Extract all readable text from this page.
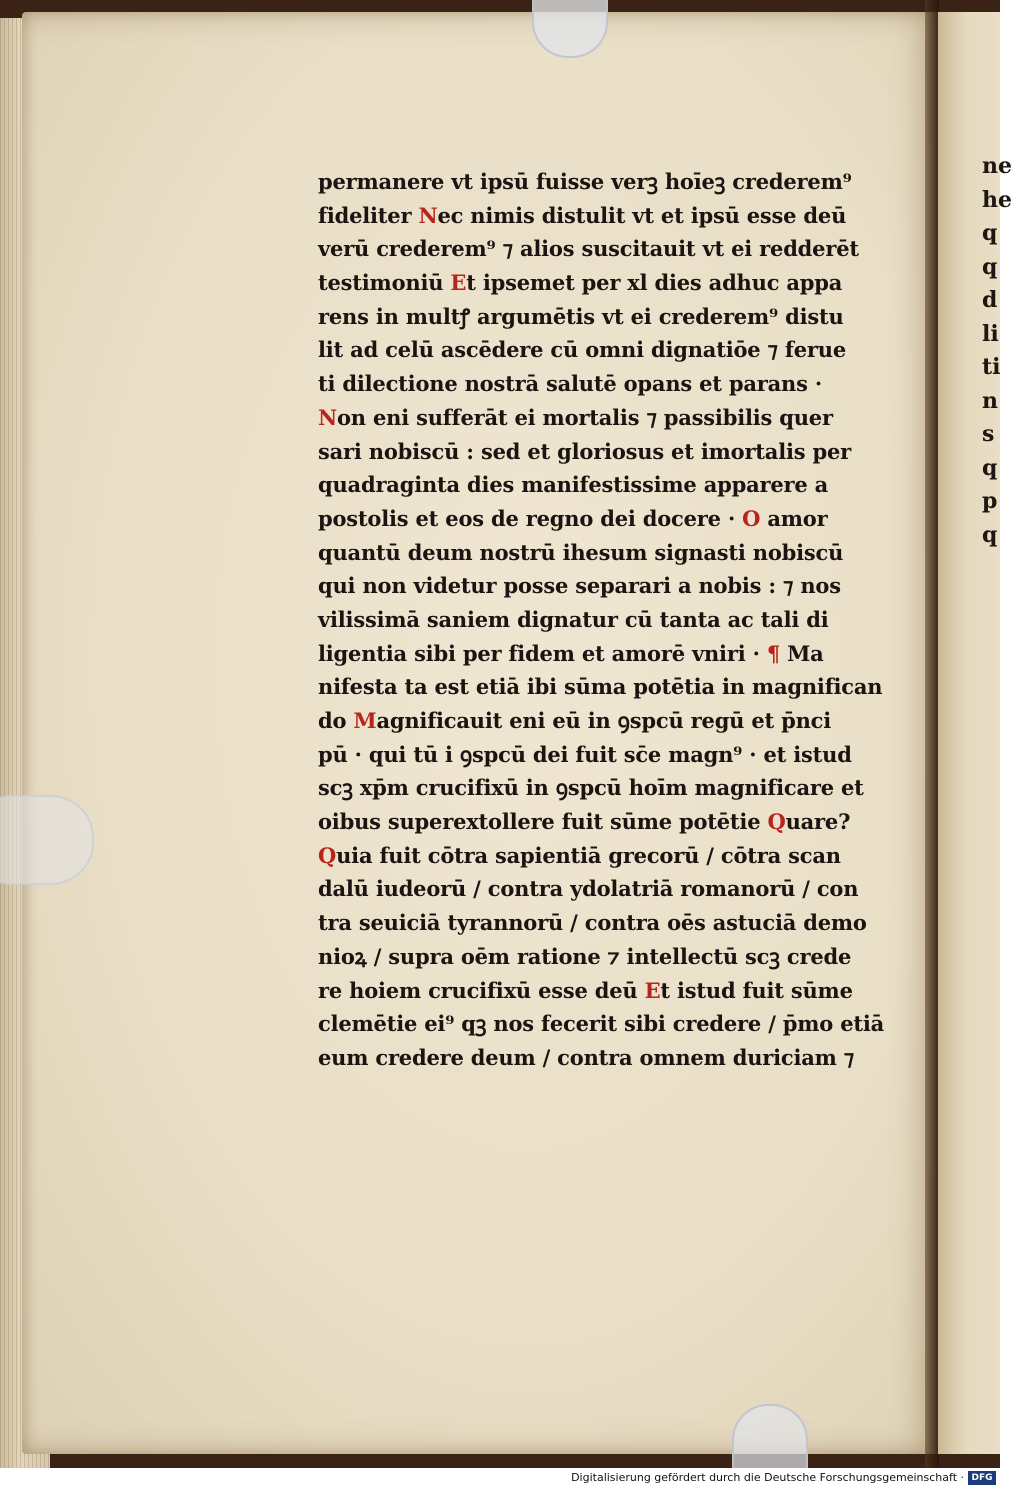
ne
he
q
q
d
li
ti
n
s
q
p
q
permanere vt ipsū fuisse verꝫ hoīeꝫ crederem⁹
fideliter Nec nimis distulit vt et ipsū esse deū
verū crederem⁹ ⁊ alios suscitauit vt ei redderēt
testimoniū Et ipsemet per xl dies adhuc appa
rens in multꝭ argumētis vt ei crederem⁹ distu
lit ad celū ascēdere cū omni dignatiōe ⁊ ferue
ti dilectione nostrā salutē opans et parans ·
Non eni sufferāt ei mortalis ⁊ passibilis quer
sari nobiscū : sed et gloriosus et imortalis per
quadraginta dies manifestissime apparere a
postolis et eos de regno dei docere · O amor
quantū deum nostrū ihesum signasti nobiscū
qui non videtur posse separari a nobis : ⁊ nos
vilissimā saniem dignatur cū tanta ac tali di
ligentia sibi per fidem et amorē vniri · ¶ Ma
nifesta ta est etiā ibi sūma potētia in magnifican
do Magnificauit eni eū in ꝯspcū regū et p̄nci
pū · qui tū i ꝯspcū dei fuit sc̄e magn⁹ · et istud
scꝫ xp̄m crucifixū in ꝯspcū hoīm magnificare et
oibus superextollere fuit sūme potētie Quare?
Quia fuit cōtra sapientiā grecorū / cōtra scan
dalū iudeorū / contra ydolatriā romanorū / con
tra seuiciā tyrannorū / contra oēs astuciā demo
nioꝝ / supra oēm ratione ⁊ intellectū scꝫ crede
re hoiem crucifixū esse deū Et istud fuit sūme
clemētie ei⁹ qꝫ nos fecerit sibi credere / p̄mo etiā
eum credere deum / contra omnem duriciam ⁊
Digitalisierung gefördert durch die Deutsche Forschungsgemeinschaft · DFG
